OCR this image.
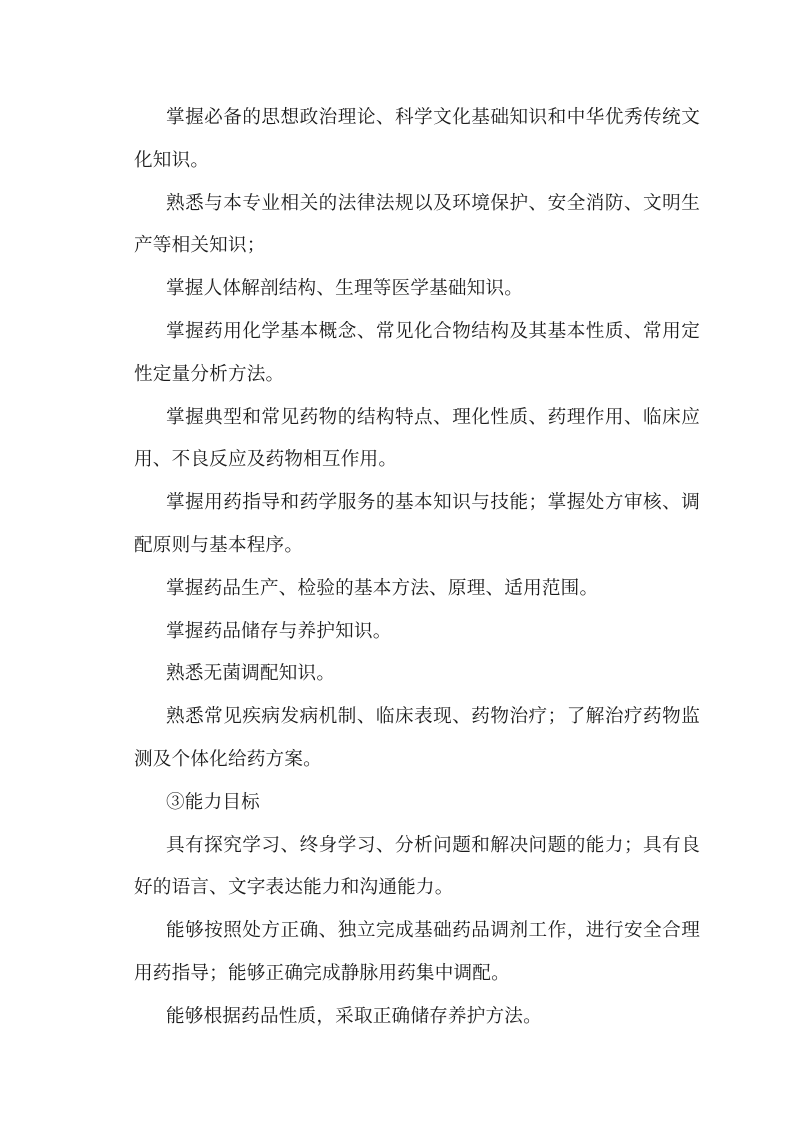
掌握必备的思想政治理论、科学文化基础知识和中华优秀传统文化知识。

熟悉与本专业相关的法律法规以及环境保护、安全消防、文明生产等相关知识；

掌握人体解剖结构、生理等医学基础知识。

掌握药用化学基本概念、常见化合物结构及其基本性质、常用定性定量分析方法。

掌握典型和常见药物的结构特点、理化性质、药理作用、临床应用、不良反应及药物相互作用。

掌握用药指导和药学服务的基本知识与技能；掌握处方审核、调配原则与基本程序。

掌握药品生产、检验的基本方法、原理、适用范围。

掌握药品储存与养护知识。

熟悉无菌调配知识。

熟悉常见疾病发病机制、临床表现、药物治疗；了解治疗药物监测及个体化给药方案。

③能力目标

具有探究学习、终身学习、分析问题和解决问题的能力；具有良好的语言、文字表达能力和沟通能力。

能够按照处方正确、独立完成基础药品调剂工作，进行安全合理用药指导；能够正确完成静脉用药集中调配。

能够根据药品性质，采取正确储存养护方法。
